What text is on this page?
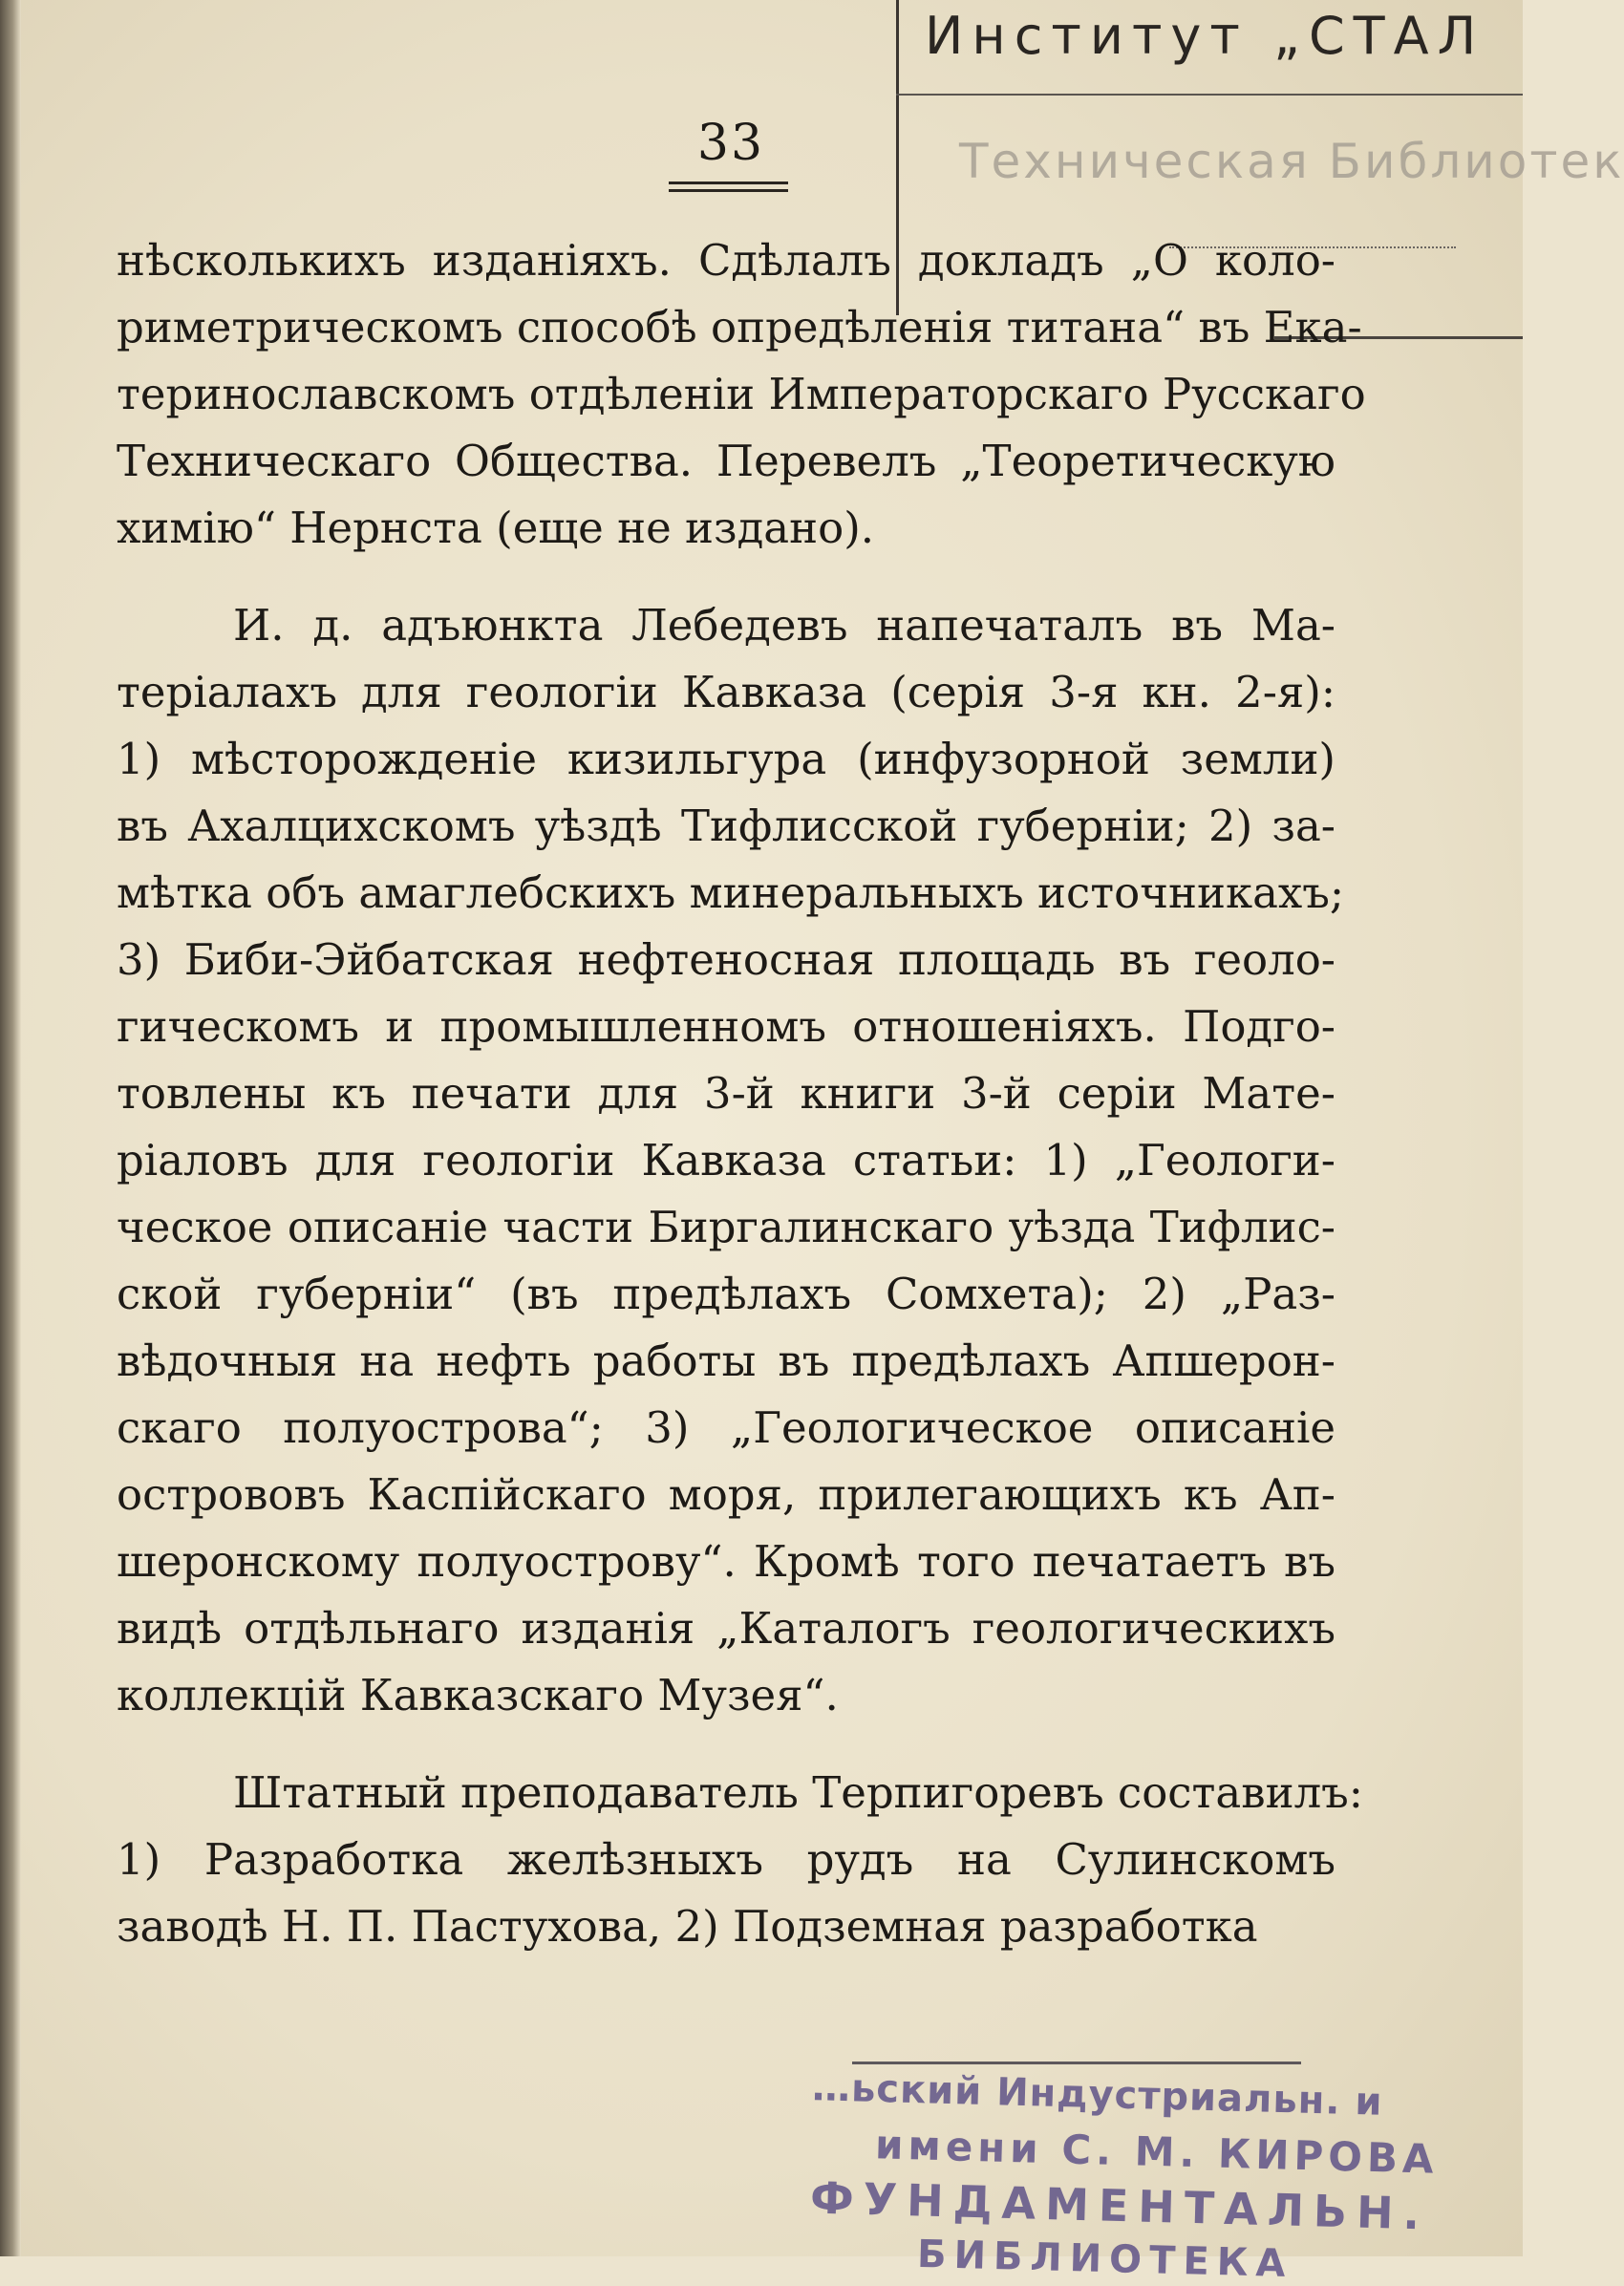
Институт „СТАЛ
Техническая Библиотек
33
нѣсколькихъ изданіяхъ. Сдѣлалъ докладъ „О коло-
риметрическомъ способѣ опредѣленія титана“ въ Ека-
теринославскомъ отдѣленіи Императорскаго Русскаго
Техническаго Общества. Перевелъ „Теоретическую
химію“ Нернста (еще не издано).
И. д. адъюнкта Лебедевъ напечаталъ въ Ма-
теріалахъ для геологіи Кавказа (серія 3-я кн. 2-я):
1) мѣсторожденіе кизильгура (инфузорной земли)
въ Ахалцихскомъ уѣздѣ Тифлисской губерніи; 2) за-
мѣтка объ амаглебскихъ минеральныхъ источникахъ;
3) Биби-Эйбатская нефтеносная площадь въ геоло-
гическомъ и промышленномъ отношеніяхъ. Подго-
товлены къ печати для 3-й книги 3-й серіи Мате-
ріаловъ для геологіи Кавказа статьи: 1) „Геологи-
ческое описаніе части Биргалинскаго уѣзда Тифлис-
ской губерніи“ (въ предѣлахъ Сомхета); 2) „Раз-
вѣдочныя на нефть работы въ предѣлахъ Апшерон-
скаго полуострова“; 3) „Геологическое описаніе
острововъ Каспійскаго моря, прилегающихъ къ Ап-
шеронскому полуострову“. Кромѣ того печатаетъ въ
видѣ отдѣльнаго изданія „Каталогъ геологическихъ
коллекцій Кавказскаго Музея“.
Штатный преподаватель Терпигоревъ составилъ:
1) Разработка желѣзныхъ рудъ на Сулинскомъ
заводѣ Н. П. Пастухова, 2) Подземная разработка
…ьский Индустриальн. и
имени С. М. КИРОВА
ФУНДАМЕНТАЛЬН.
БИБЛИОТЕКА
